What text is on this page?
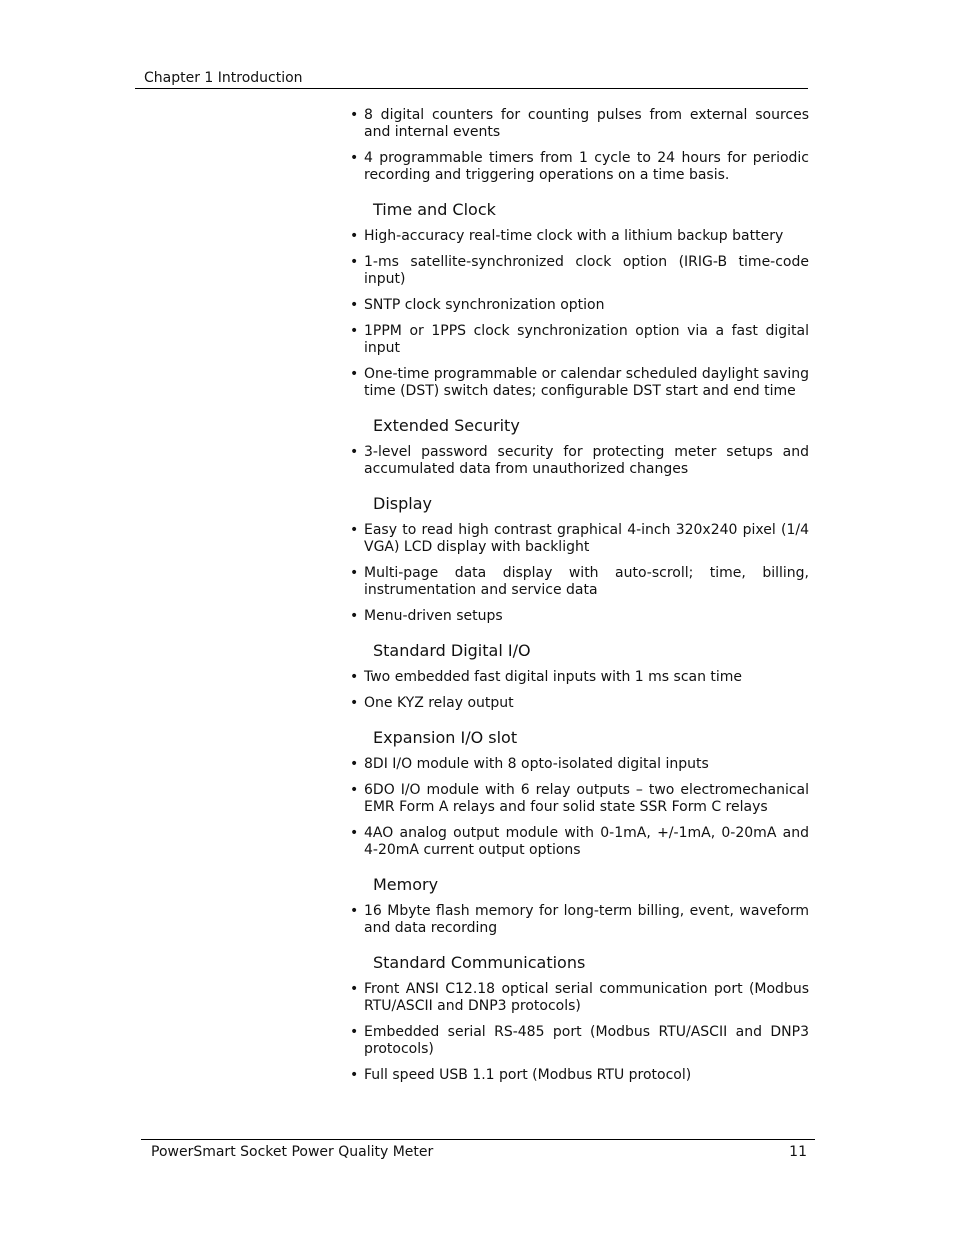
Chapter 1 Introduction
• 8 digital counters for counting pulses from external sources and internal events
• 4 programmable timers from 1 cycle to 24 hours for periodic recording and triggering operations on a time basis.
Time and Clock
• High-accuracy real-time clock with a lithium backup battery
• 1-ms satellite-synchronized clock option (IRIG-B time-code input)
• SNTP clock synchronization option
• 1PPM or 1PPS clock synchronization option via a fast digital input
• One-time programmable or calendar scheduled daylight saving time (DST) switch dates; configurable DST start and end time
Extended Security
• 3-level password security for protecting meter setups and accumulated data from unauthorized changes
Display
• Easy to read high contrast graphical 4-inch 320x240 pixel (1/4 VGA) LCD display with backlight
• Multi-page data display with auto-scroll; time, billing, instrumentation and service data
• Menu-driven setups
Standard Digital I/O
• Two embedded fast digital inputs with 1 ms scan time
• One KYZ relay output
Expansion I/O slot
• 8DI I/O module with 8 opto-isolated digital inputs
• 6DO I/O module with 6 relay outputs – two electromechanical EMR Form A relays and four solid state SSR Form C relays
• 4AO analog output module with 0-1mA, +/-1mA, 0-20mA and 4-20mA current output options
Memory
• 16 Mbyte flash memory for long-term billing, event, waveform and data recording
Standard Communications
• Front ANSI C12.18 optical serial communication port (Modbus RTU/ASCII and DNP3 protocols)
• Embedded serial RS-485 port (Modbus RTU/ASCII and DNP3 protocols)
• Full speed USB 1.1 port (Modbus RTU protocol)
PowerSmart Socket Power Quality Meter	11
